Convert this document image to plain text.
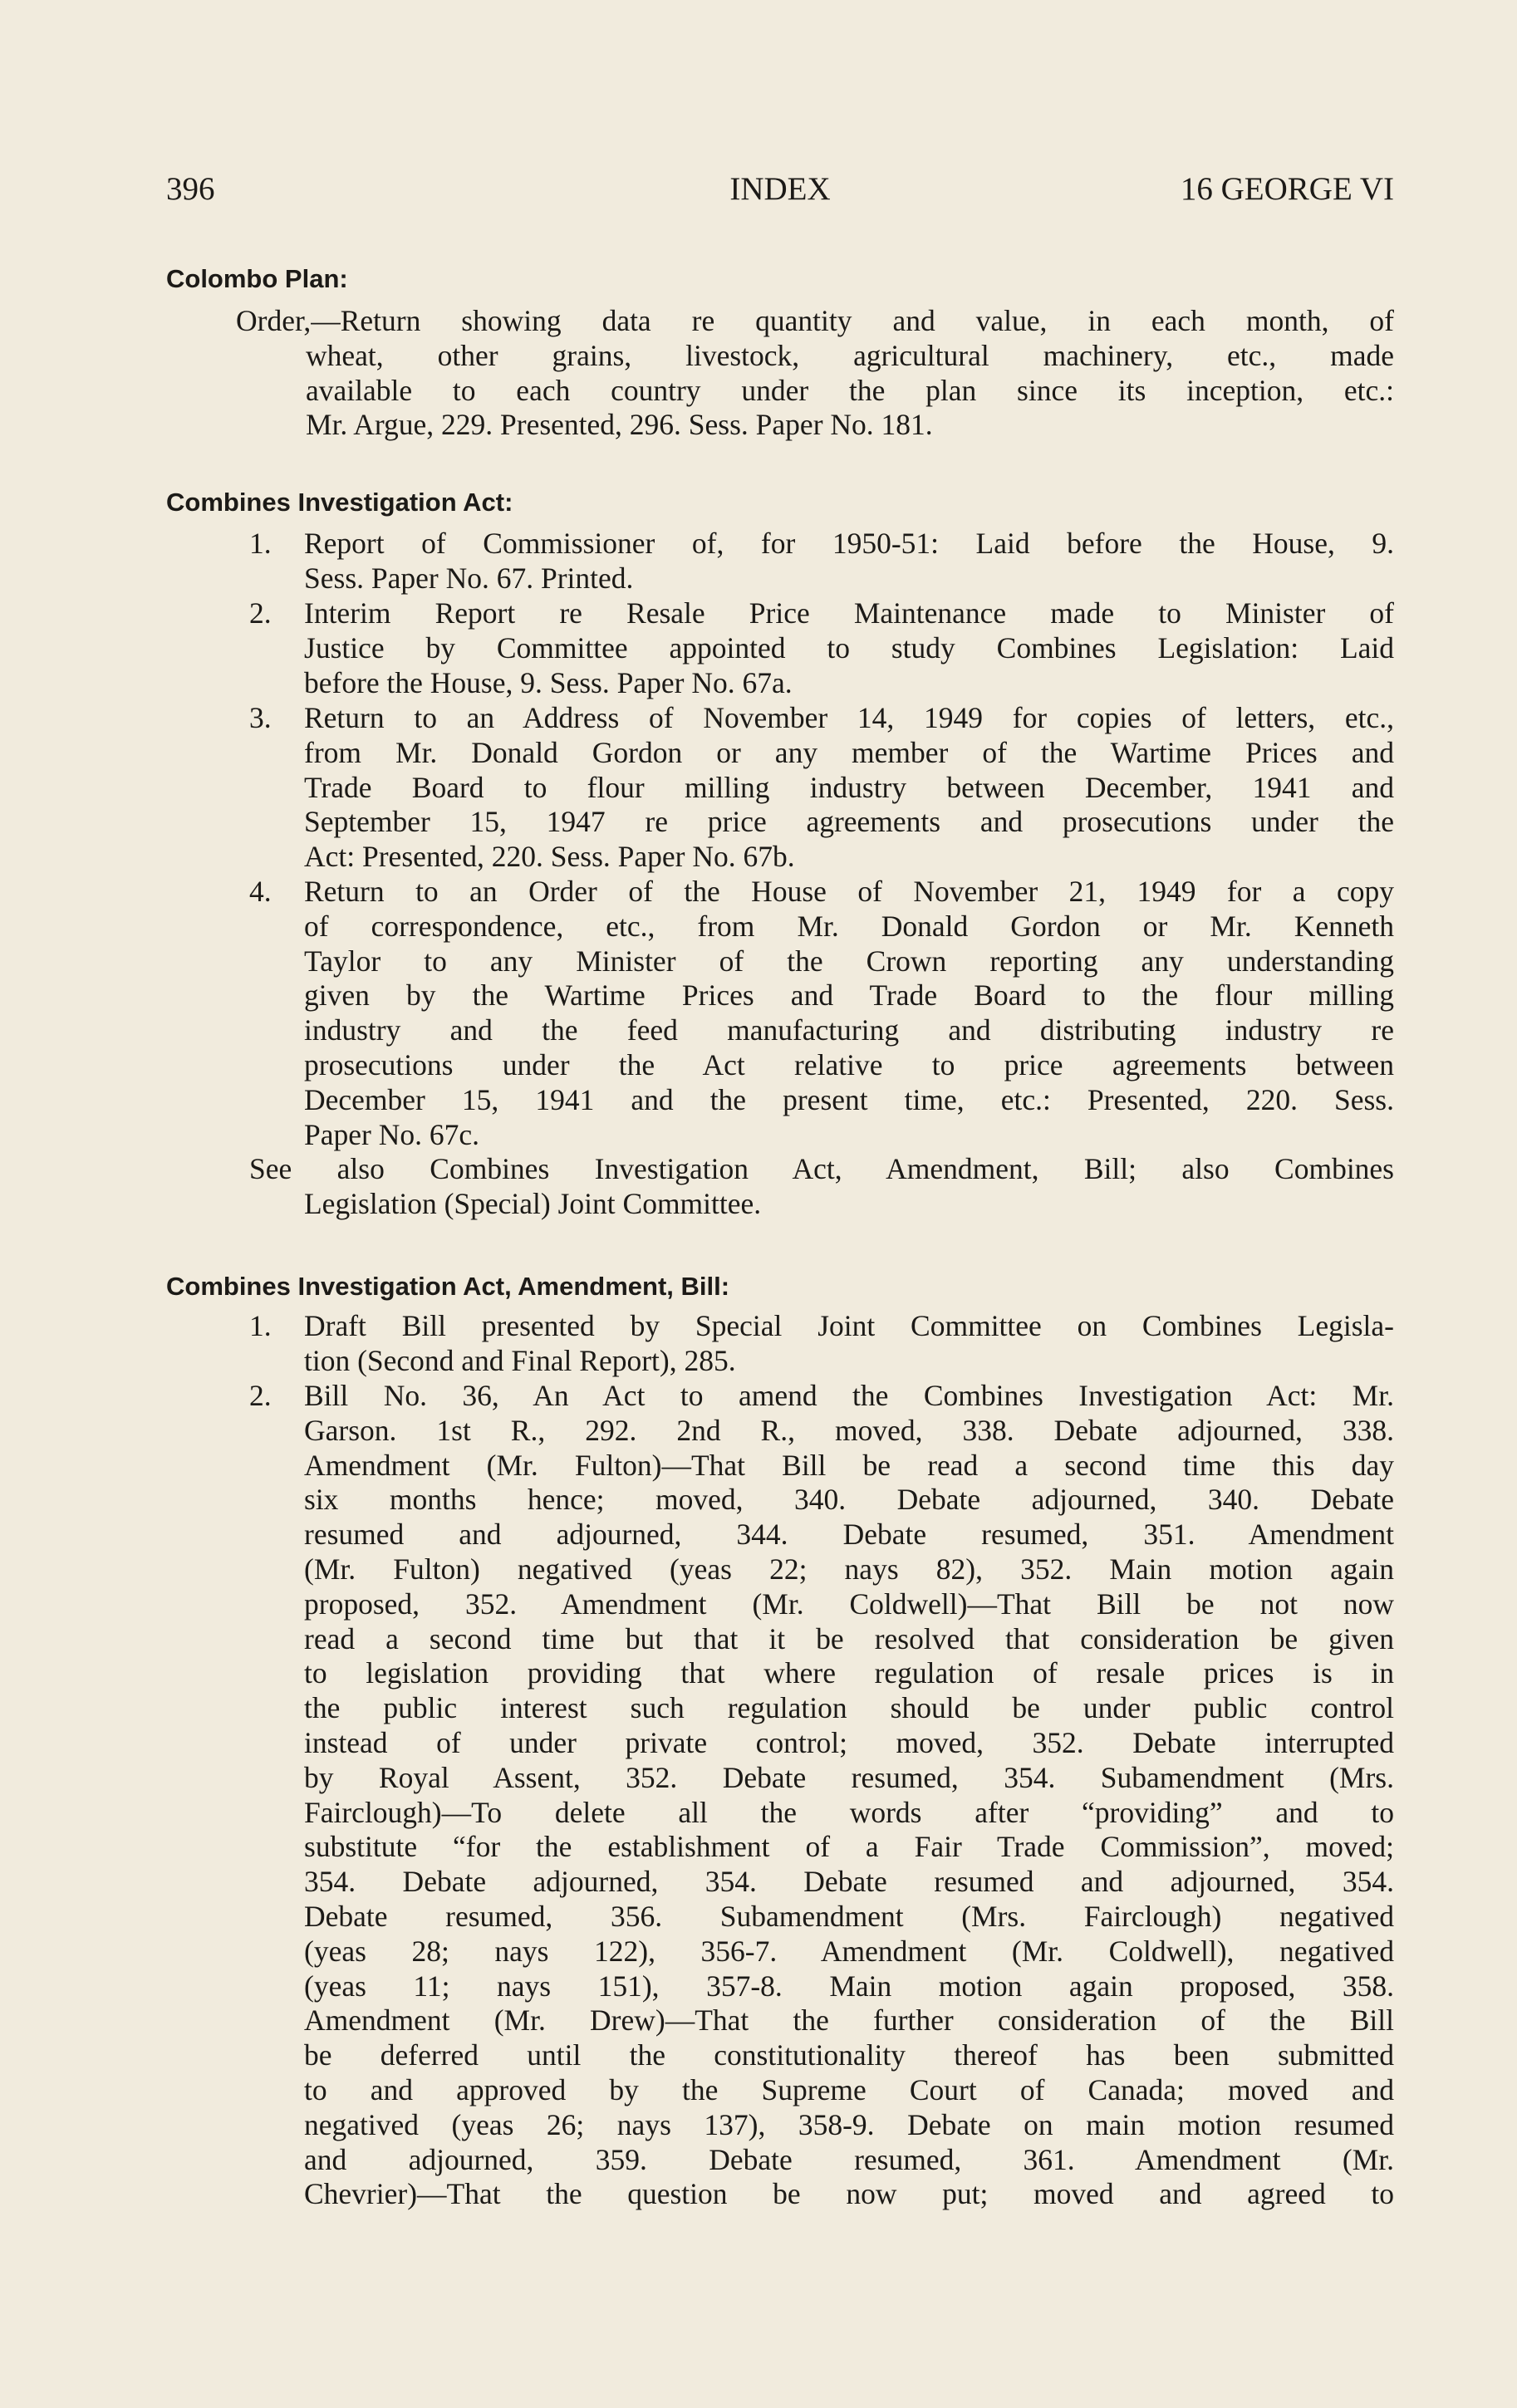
396	INDEX	16 GEORGE VI
Colombo Plan:
Order,—Return showing data re quantity and value, in each month, of
wheat, other grains, livestock, agricultural machinery, etc., made
available to each country under the plan since its inception, etc.:
Mr. Argue, 229. Presented, 296. Sess. Paper No. 181.
Combines Investigation Act:
1.	Report of Commissioner of, for 1950-51: Laid before the House, 9.
Sess. Paper No. 67. Printed.
2.	Interim Report re Resale Price Maintenance made to Minister of
Justice by Committee appointed to study Combines Legislation: Laid
before the House, 9. Sess. Paper No. 67a.
3.	Return to an Address of November 14, 1949 for copies of letters, etc.,
from Mr. Donald Gordon or any member of the Wartime Prices and
Trade Board to flour milling industry between December, 1941 and
September 15, 1947 re price agreements and prosecutions under the
Act: Presented, 220. Sess. Paper No. 67b.
4.	Return to an Order of the House of November 21, 1949 for a copy
of correspondence, etc., from Mr. Donald Gordon or Mr. Kenneth
Taylor to any Minister of the Crown reporting any understanding
given by the Wartime Prices and Trade Board to the flour milling
industry and the feed manufacturing and distributing industry re
prosecutions under the Act relative to price agreements between
December 15, 1941 and the present time, etc.: Presented, 220. Sess.
Paper No. 67c.
See also Combines Investigation Act, Amendment, Bill; also Combines
Legislation (Special) Joint Committee.
Combines Investigation Act, Amendment, Bill:
1.	Draft Bill presented by Special Joint Committee on Combines Legisla-
tion (Second and Final Report), 285.
2.	Bill No. 36, An Act to amend the Combines Investigation Act: Mr.
Garson. 1st R., 292. 2nd R., moved, 338. Debate adjourned, 338.
Amendment (Mr. Fulton)—That Bill be read a second time this day
six months hence; moved, 340. Debate adjourned, 340. Debate
resumed and adjourned, 344. Debate resumed, 351. Amendment
(Mr. Fulton) negatived (yeas 22; nays 82), 352. Main motion again
proposed, 352. Amendment (Mr. Coldwell)—That Bill be not now
read a second time but that it be resolved that consideration be given
to legislation providing that where regulation of resale prices is in
the public interest such regulation should be under public control
instead of under private control; moved, 352. Debate interrupted
by Royal Assent, 352. Debate resumed, 354. Subamendment (Mrs.
Fairclough)—To delete all the words after “providing” and to
substitute “for the establishment of a Fair Trade Commission”, moved;
354. Debate adjourned, 354. Debate resumed and adjourned, 354.
Debate resumed, 356. Subamendment (Mrs. Fairclough) negatived
(yeas 28; nays 122), 356-7. Amendment (Mr. Coldwell), negatived
(yeas 11; nays 151), 357-8. Main motion again proposed, 358.
Amendment (Mr. Drew)—That the further consideration of the Bill
be deferred until the constitutionality thereof has been submitted
to and approved by the Supreme Court of Canada; moved and
negatived (yeas 26; nays 137), 358-9. Debate on main motion resumed
and adjourned, 359. Debate resumed, 361. Amendment (Mr.
Chevrier)—That the question be now put; moved and agreed to
